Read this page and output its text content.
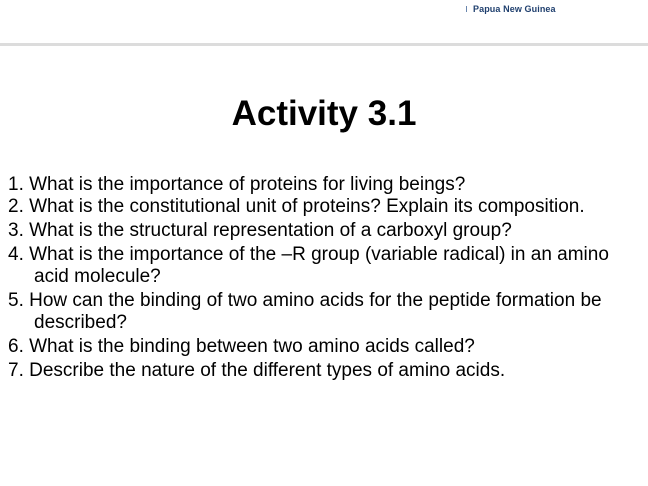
Papua New Guinea
Activity 3.1
1. What is the importance of proteins for living beings?
2. What is the constitutional unit of proteins? Explain its composition.
3. What is the structural representation of a carboxyl group?
4. What is the importance of the –R group (variable radical) in an amino acid molecule?
5. How can the binding of two amino acids for the peptide formation be described?
6. What is the binding between two amino acids called?
7. Describe the nature of the different types of amino acids.
